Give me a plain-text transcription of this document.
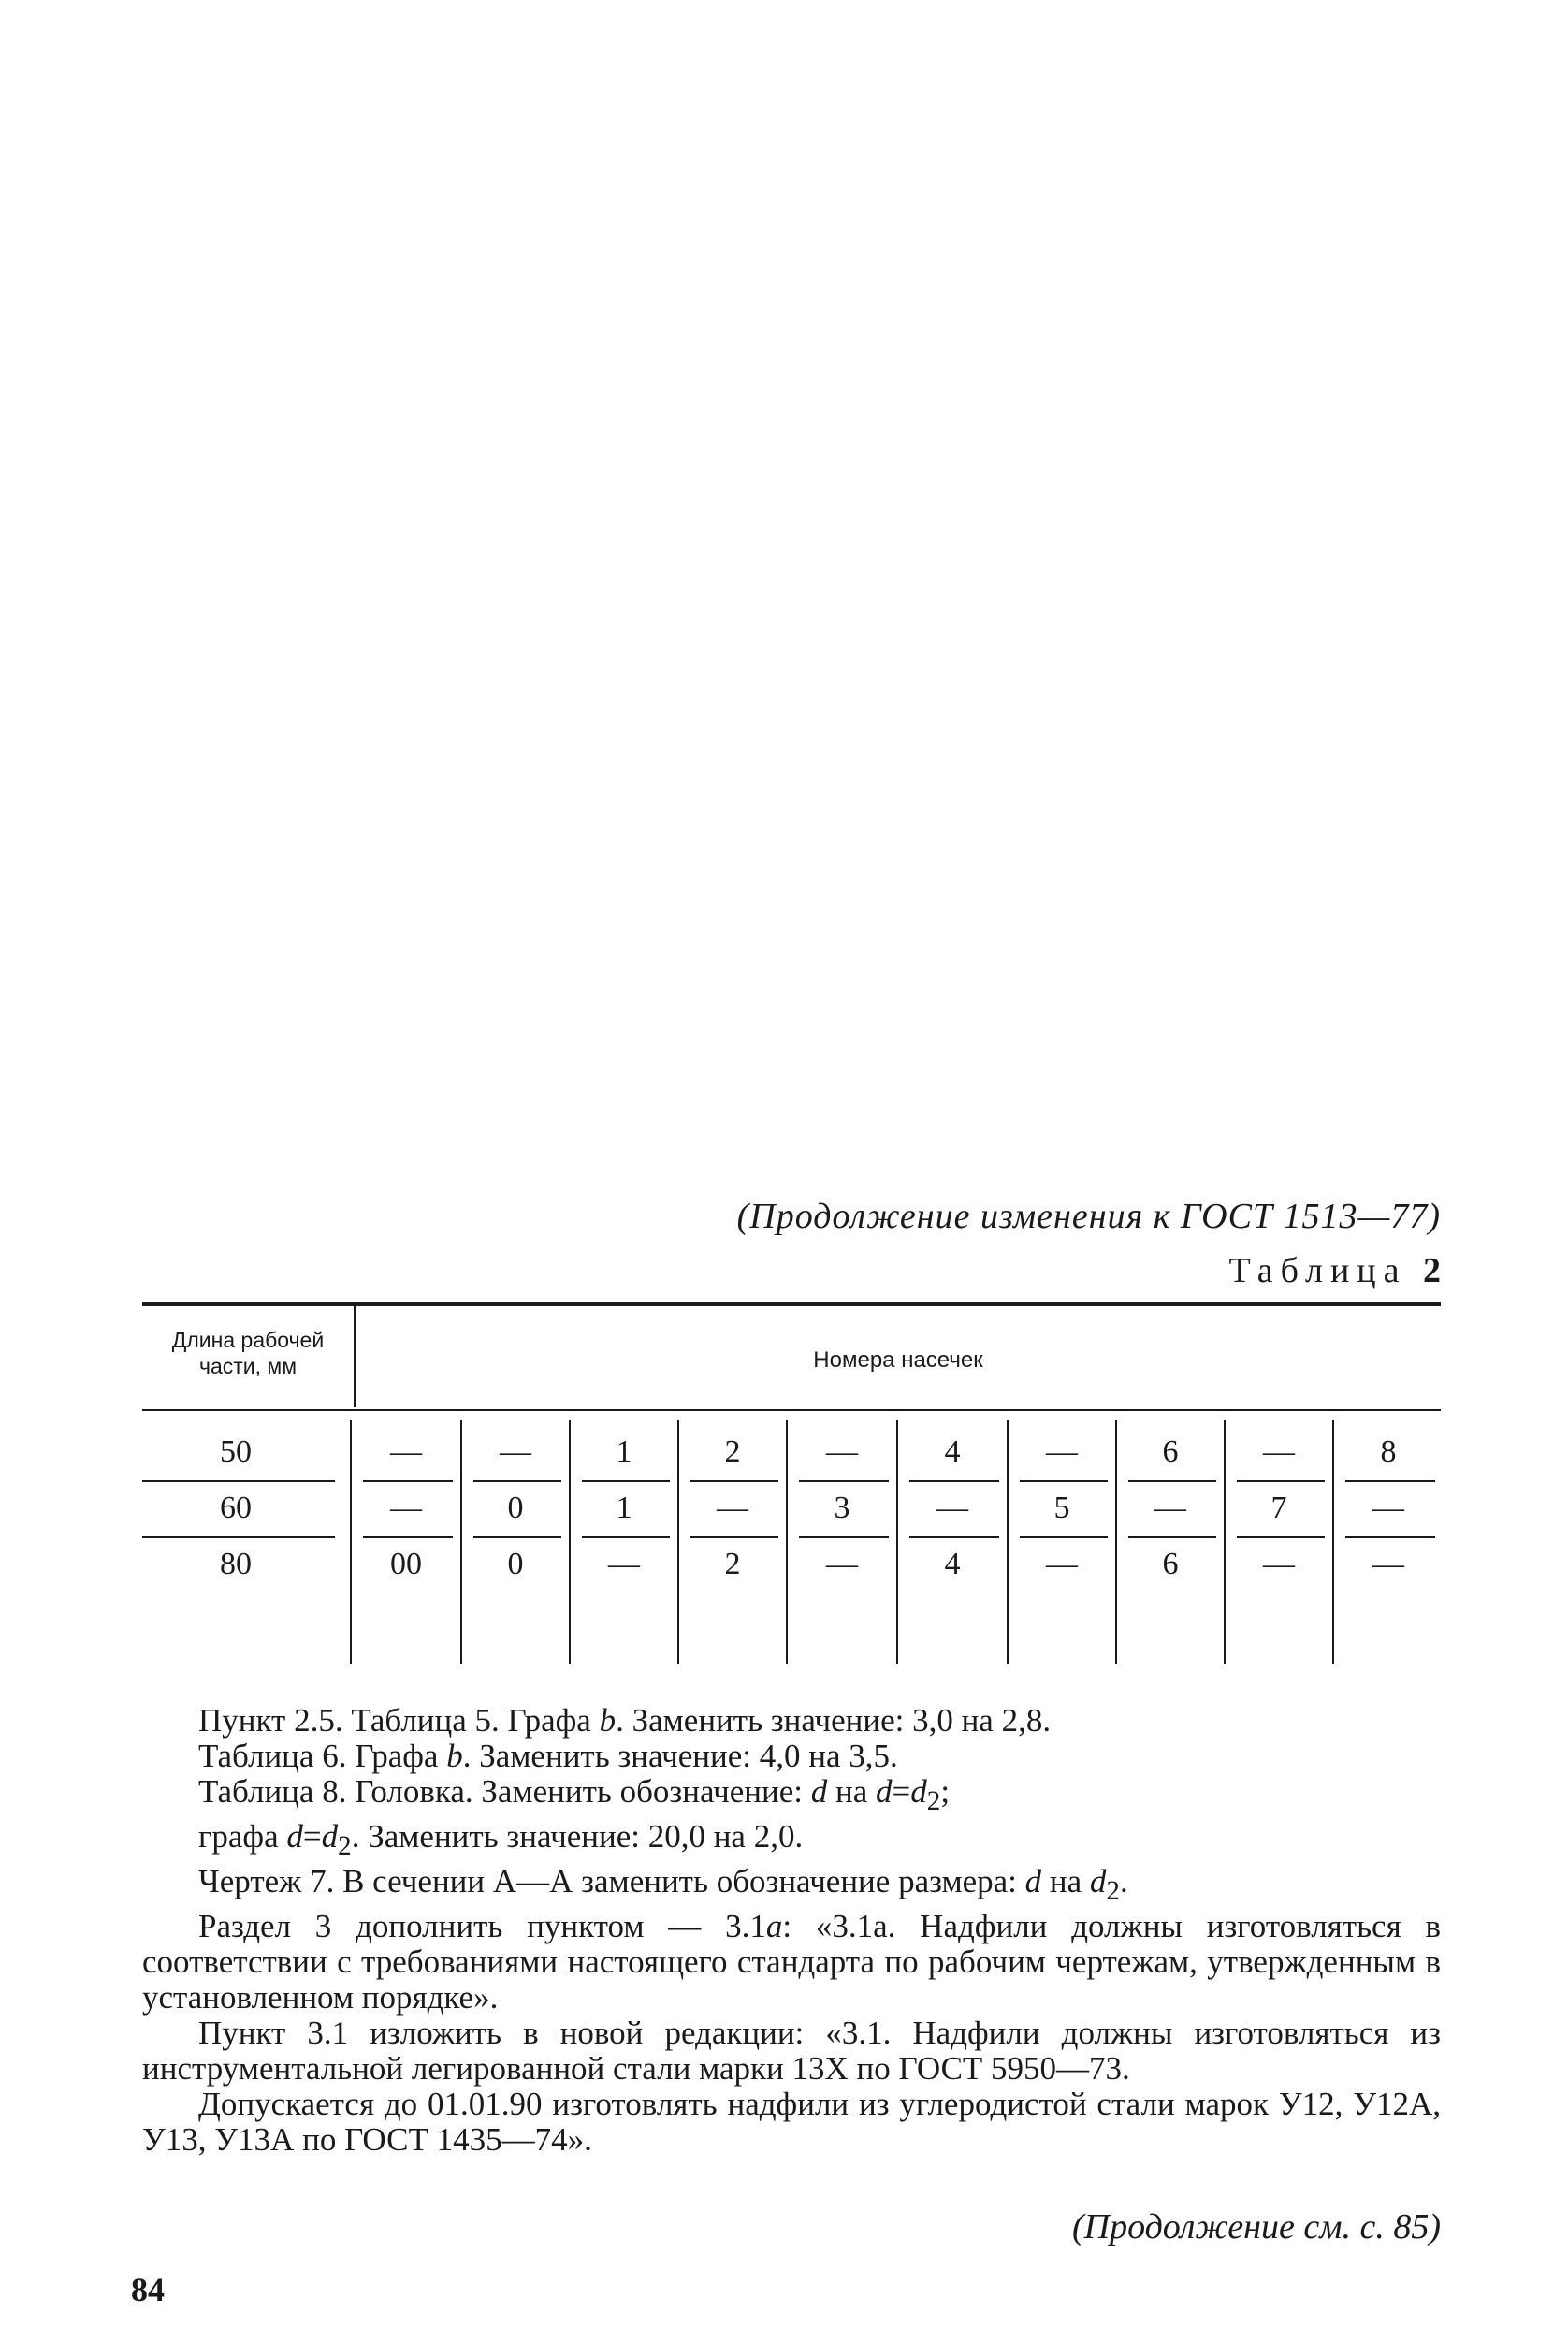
(Продолжение изменения к ГОСТ 1513—77)
Таблица 2
Длина рабочей
части, мм	Номера насечек
50	—	—	1	2	—	4	—	6	—	8
60	—	0	1	—	3	—	5	—	7	—
80	00	0	—	2	—	4	—	6	—	—

Пункт 2.5. Таблица 5. Графа b. Заменить значение: 3,0 на 2,8.

Таблица 6. Графа b. Заменить значение: 4,0 на 3,5.

Таблица 8. Головка. Заменить обозначение: d на $d=d_2$;

графа $d=d_2$. Заменить значение: 20,0 на 2,0.

Чертеж 7. В сечении А—А заменить обозначение размера: d на $d_2$.

Раздел 3 дополнить пунктом — 3.1а: «3.1а. Надфили должны изготовляться в соответствии с требованиями настоящего стандарта по рабочим чертежам, утвержденным в установленном порядке».

Пункт 3.1 изложить в новой редакции: «3.1. Надфили должны изготовляться из инструментальной легированной стали марки 13Х по ГОСТ 5950—73.

Допускается до 01.01.90 изготовлять надфили из углеродистой стали марок У12, У12А, У13, У13А по ГОСТ 1435—74».

(Продолжение см. с. 85)
84
